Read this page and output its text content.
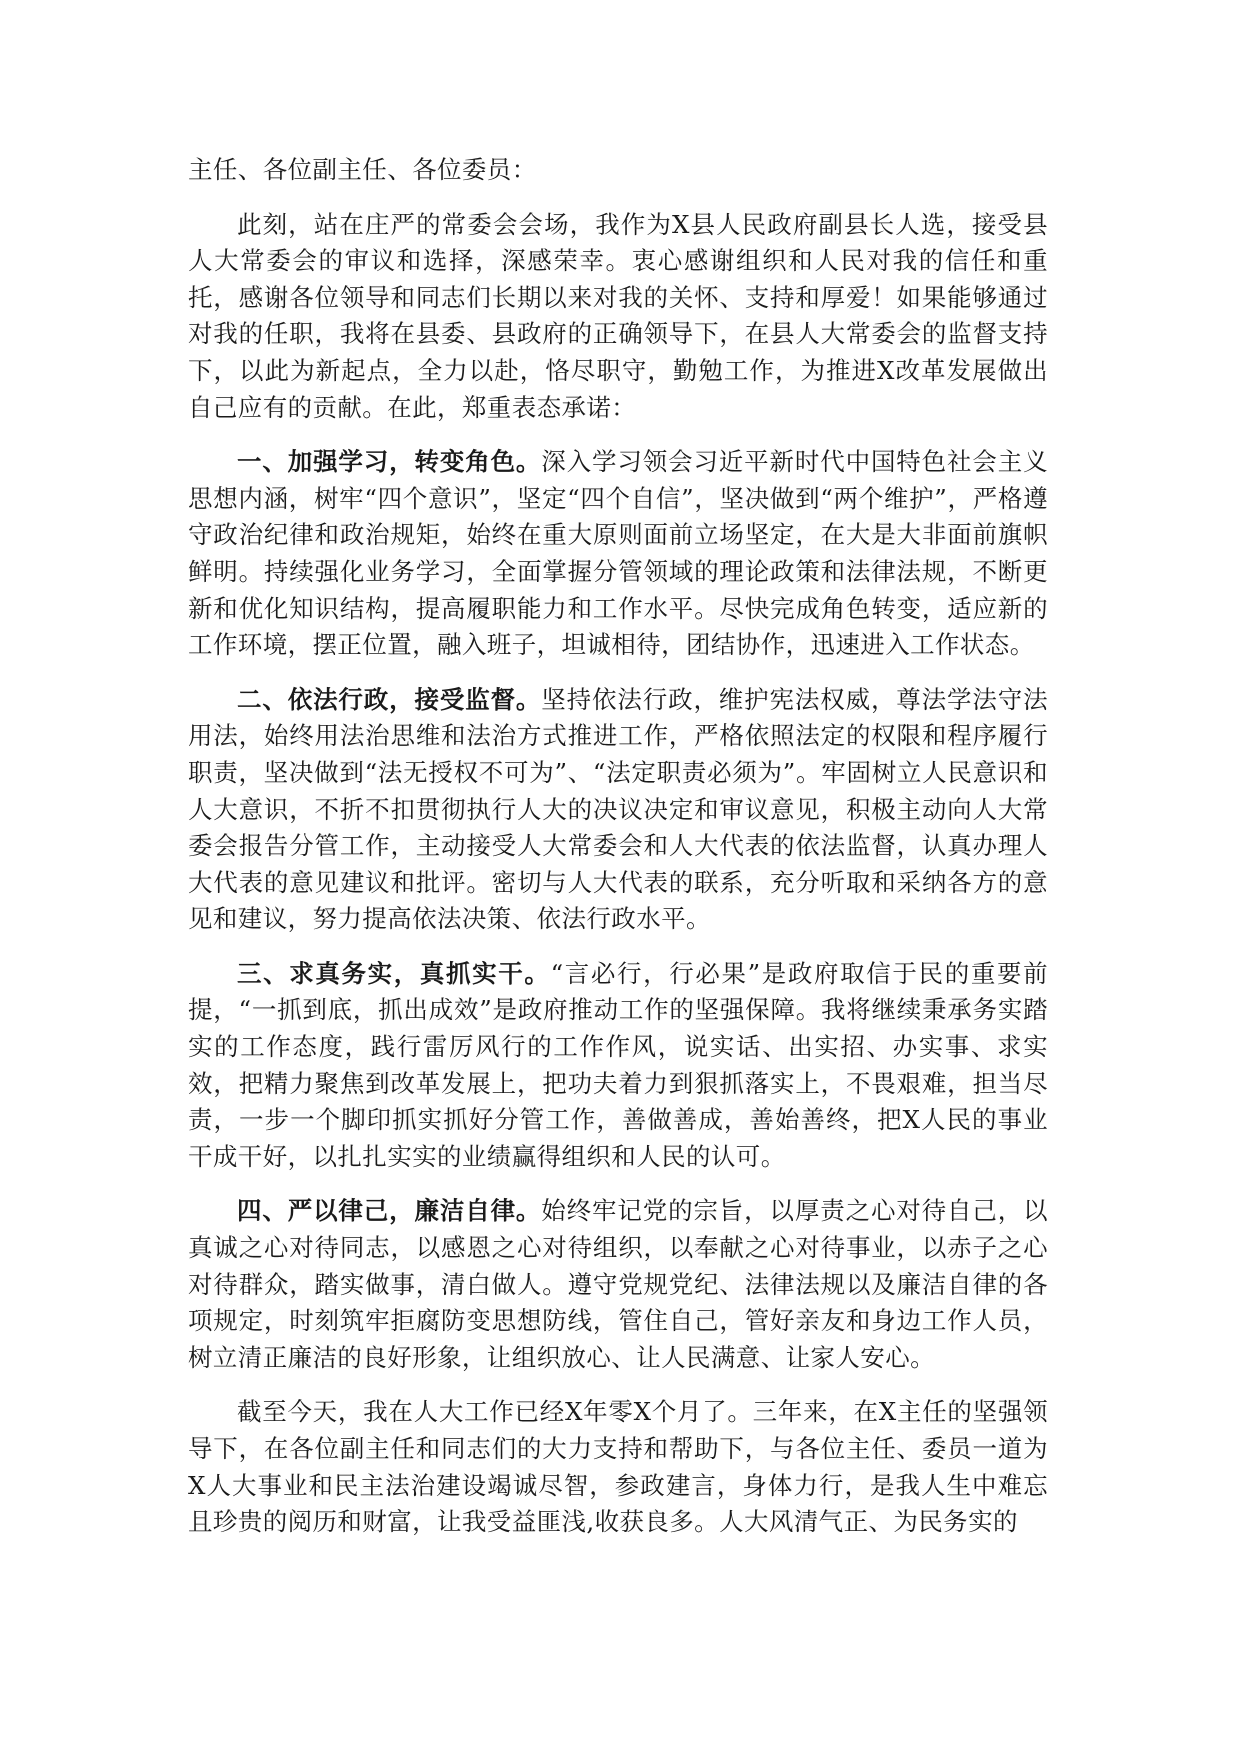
主任、各位副主任、各位委员：

此刻，站在庄严的常委会会场，我作为X县人民政府副县长人选，接受县人大常委会的审议和选择，深感荣幸。衷心感谢组织和人民对我的信任和重托，感谢各位领导和同志们长期以来对我的关怀、支持和厚爱！如果能够通过对我的任职，我将在县委、县政府的正确领导下，在县人大常委会的监督支持下，以此为新起点，全力以赴，恪尽职守，勤勉工作，为推进X改革发展做出自己应有的贡献。在此，郑重表态承诺：

一、加强学习，转变角色。深入学习领会习近平新时代中国特色社会主义思想内涵，树牢“四个意识”，坚定“四个自信”，坚决做到“两个维护”，严格遵守政治纪律和政治规矩，始终在重大原则面前立场坚定，在大是大非面前旗帜鲜明。持续强化业务学习，全面掌握分管领域的理论政策和法律法规，不断更新和优化知识结构，提高履职能力和工作水平。尽快完成角色转变，适应新的工作环境，摆正位置，融入班子，坦诚相待，团结协作，迅速进入工作状态。

二、依法行政，接受监督。坚持依法行政，维护宪法权威，尊法学法守法用法，始终用法治思维和法治方式推进工作，严格依照法定的权限和程序履行职责，坚决做到“法无授权不可为”、“法定职责必须为”。牢固树立人民意识和人大意识，不折不扣贯彻执行人大的决议决定和审议意见，积极主动向人大常委会报告分管工作，主动接受人大常委会和人大代表的依法监督，认真办理人大代表的意见建议和批评。密切与人大代表的联系，充分听取和采纳各方的意见和建议，努力提高依法决策、依法行政水平。

三、求真务实，真抓实干。“言必行，行必果”是政府取信于民的重要前提，“一抓到底，抓出成效”是政府推动工作的坚强保障。我将继续秉承务实踏实的工作态度，践行雷厉风行的工作作风，说实话、出实招、办实事、求实效，把精力聚焦到改革发展上，把功夫着力到狠抓落实上，不畏艰难，担当尽责，一步一个脚印抓实抓好分管工作，善做善成，善始善终，把X人民的事业干成干好，以扎扎实实的业绩赢得组织和人民的认可。

四、严以律己，廉洁自律。始终牢记党的宗旨，以厚责之心对待自己，以真诚之心对待同志，以感恩之心对待组织，以奉献之心对待事业，以赤子之心对待群众，踏实做事，清白做人。遵守党规党纪、法律法规以及廉洁自律的各项规定，时刻筑牢拒腐防变思想防线，管住自己，管好亲友和身边工作人员，树立清正廉洁的良好形象，让组织放心、让人民满意、让家人安心。

截至今天，我在人大工作已经X年零X个月了。三年来，在X主任的坚强领导下，在各位副主任和同志们的大力支持和帮助下，与各位主任、委员一道为X人大事业和民主法治建设竭诚尽智，参政建言，身体力行，是我人生中难忘且珍贵的阅历和财富，让我受益匪浅,收获良多。人大风清气正、为民务实的
